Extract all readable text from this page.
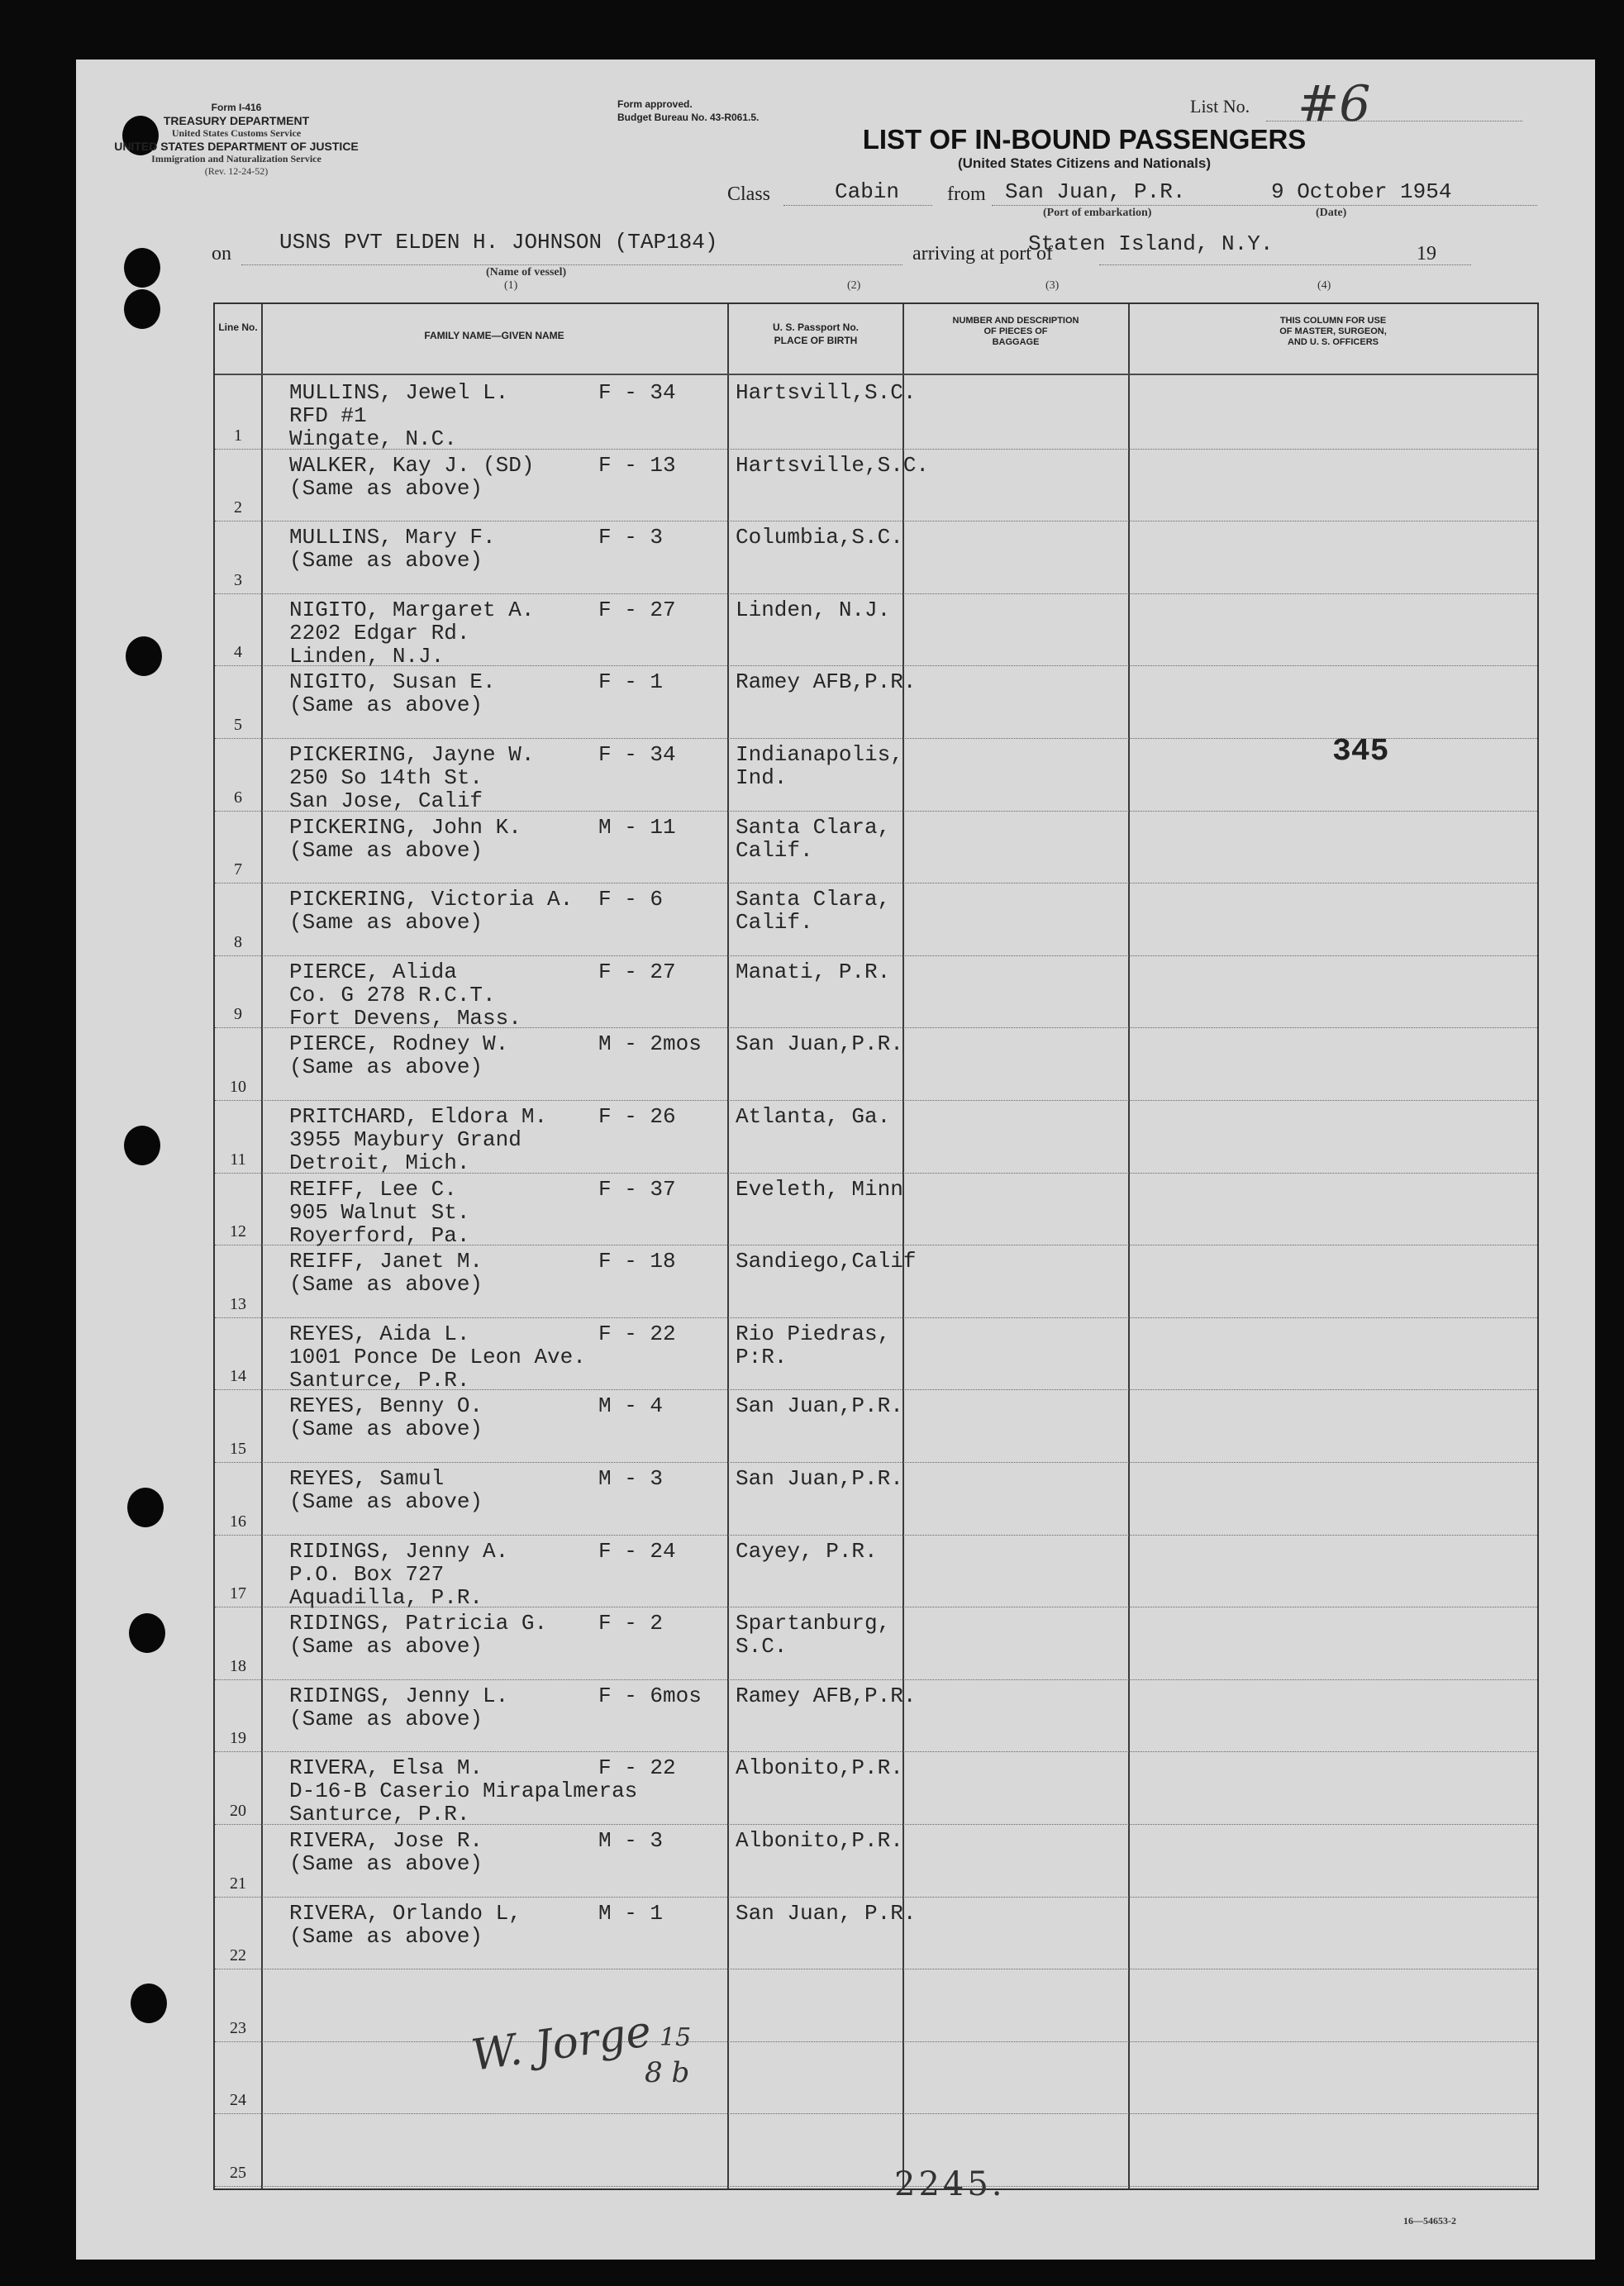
Form I-416
TREASURY DEPARTMENT
United States Customs Service
UNITED STATES DEPARTMENT OF JUSTICE
Immigration and Naturalization Service
(Rev. 12-24-52)
Form approved.
Budget Bureau No. 43-R061.5.
List No. #6
LIST OF IN-BOUND PASSENGERS
(United States Citizens and Nationals)
Class	Cabin from San Juan, P.R.	9 October 1954
(Port of embarkation)	(Date)
on USNS PVT ELDEN H. JOHNSON (TAP184)
(Name of vessel)
arriving at port of
Staten Island, N.Y.	19
(1)	(2)	(3)	(4)
Line No.
FAMILY NAME—GIVEN NAME
U. S. Passport No.
PLACE OF BIRTH
NUMBER AND DESCRIPTION
OF PIECES OF
BAGGAGE
THIS COLUMN FOR USE
OF MASTER, SURGEON,
AND U. S. OFFICERS
1
MULLINS, Jewel L.
RFD #1
Wingate, N.C.
F - 34	Hartsvill,S.C.
2
WALKER, Kay J. (SD)
(Same as above)
F - 13	Hartsville,S.C.
3
MULLINS, Mary F.
(Same as above)
F - 3	Columbia,S.C.
4
NIGITO, Margaret A.
2202 Edgar Rd.
Linden, N.J.
F - 27	Linden, N.J.
5
NIGITO, Susan E.
(Same as above)
F - 1	Ramey AFB,P.R.
6
PICKERING, Jayne W.
250 So 14th St.
San Jose, Calif
F - 34	Indianapolis,
Ind.
7
PICKERING, John K.
(Same as above)
M - 11	Santa Clara,
Calif.
8
PICKERING, Victoria A.
(Same as above)
F - 6	Santa Clara,
Calif.
9
PIERCE, Alida
Co. G 278 R.C.T.
Fort Devens, Mass.
F - 27	Manati, P.R.
10
PIERCE, Rodney W.
(Same as above)
M - 2mos San Juan,P.R.
11
PRITCHARD, Eldora M.
3955 Maybury Grand
Detroit, Mich.
F - 26	Atlanta, Ga.
12
REIFF, Lee C.
905 Walnut St.
Royerford, Pa.
F - 37	Eveleth, Minn
13
REIFF, Janet M.
(Same as above)
F - 18	Sandiego,Calif
14
REYES, Aida L.
1001 Ponce De Leon Ave.
Santurce, P.R.
F - 22	Rio Piedras,
P:R.
15
REYES, Benny O.
(Same as above)
M - 4	San Juan,P.R.
16
REYES, Samul
(Same as above)
M - 3	San Juan,P.R.
17
RIDINGS, Jenny A.
P.O. Box 727
Aquadilla, P.R.
F - 24	Cayey, P.R.
18
RIDINGS, Patricia G.
(Same as above)
F - 2	Spartanburg,
S.C.
19
RIDINGS, Jenny L.
(Same as above)
F - 6mos Ramey AFB,P.R.
20
RIVERA, Elsa M.
D-16-B Caserio Mirapalmeras
Santurce, P.R.
F - 22	Albonito,P.R.
21
RIVERA, Jose R.
(Same as above)
M - 3	Albonito,P.R.
22
RIVERA, Orlando L,
(Same as above)
M - 1	San Juan, P.R.
23
24
25
345
W. Jorge 15
8 b
2245.
16—54653-2
